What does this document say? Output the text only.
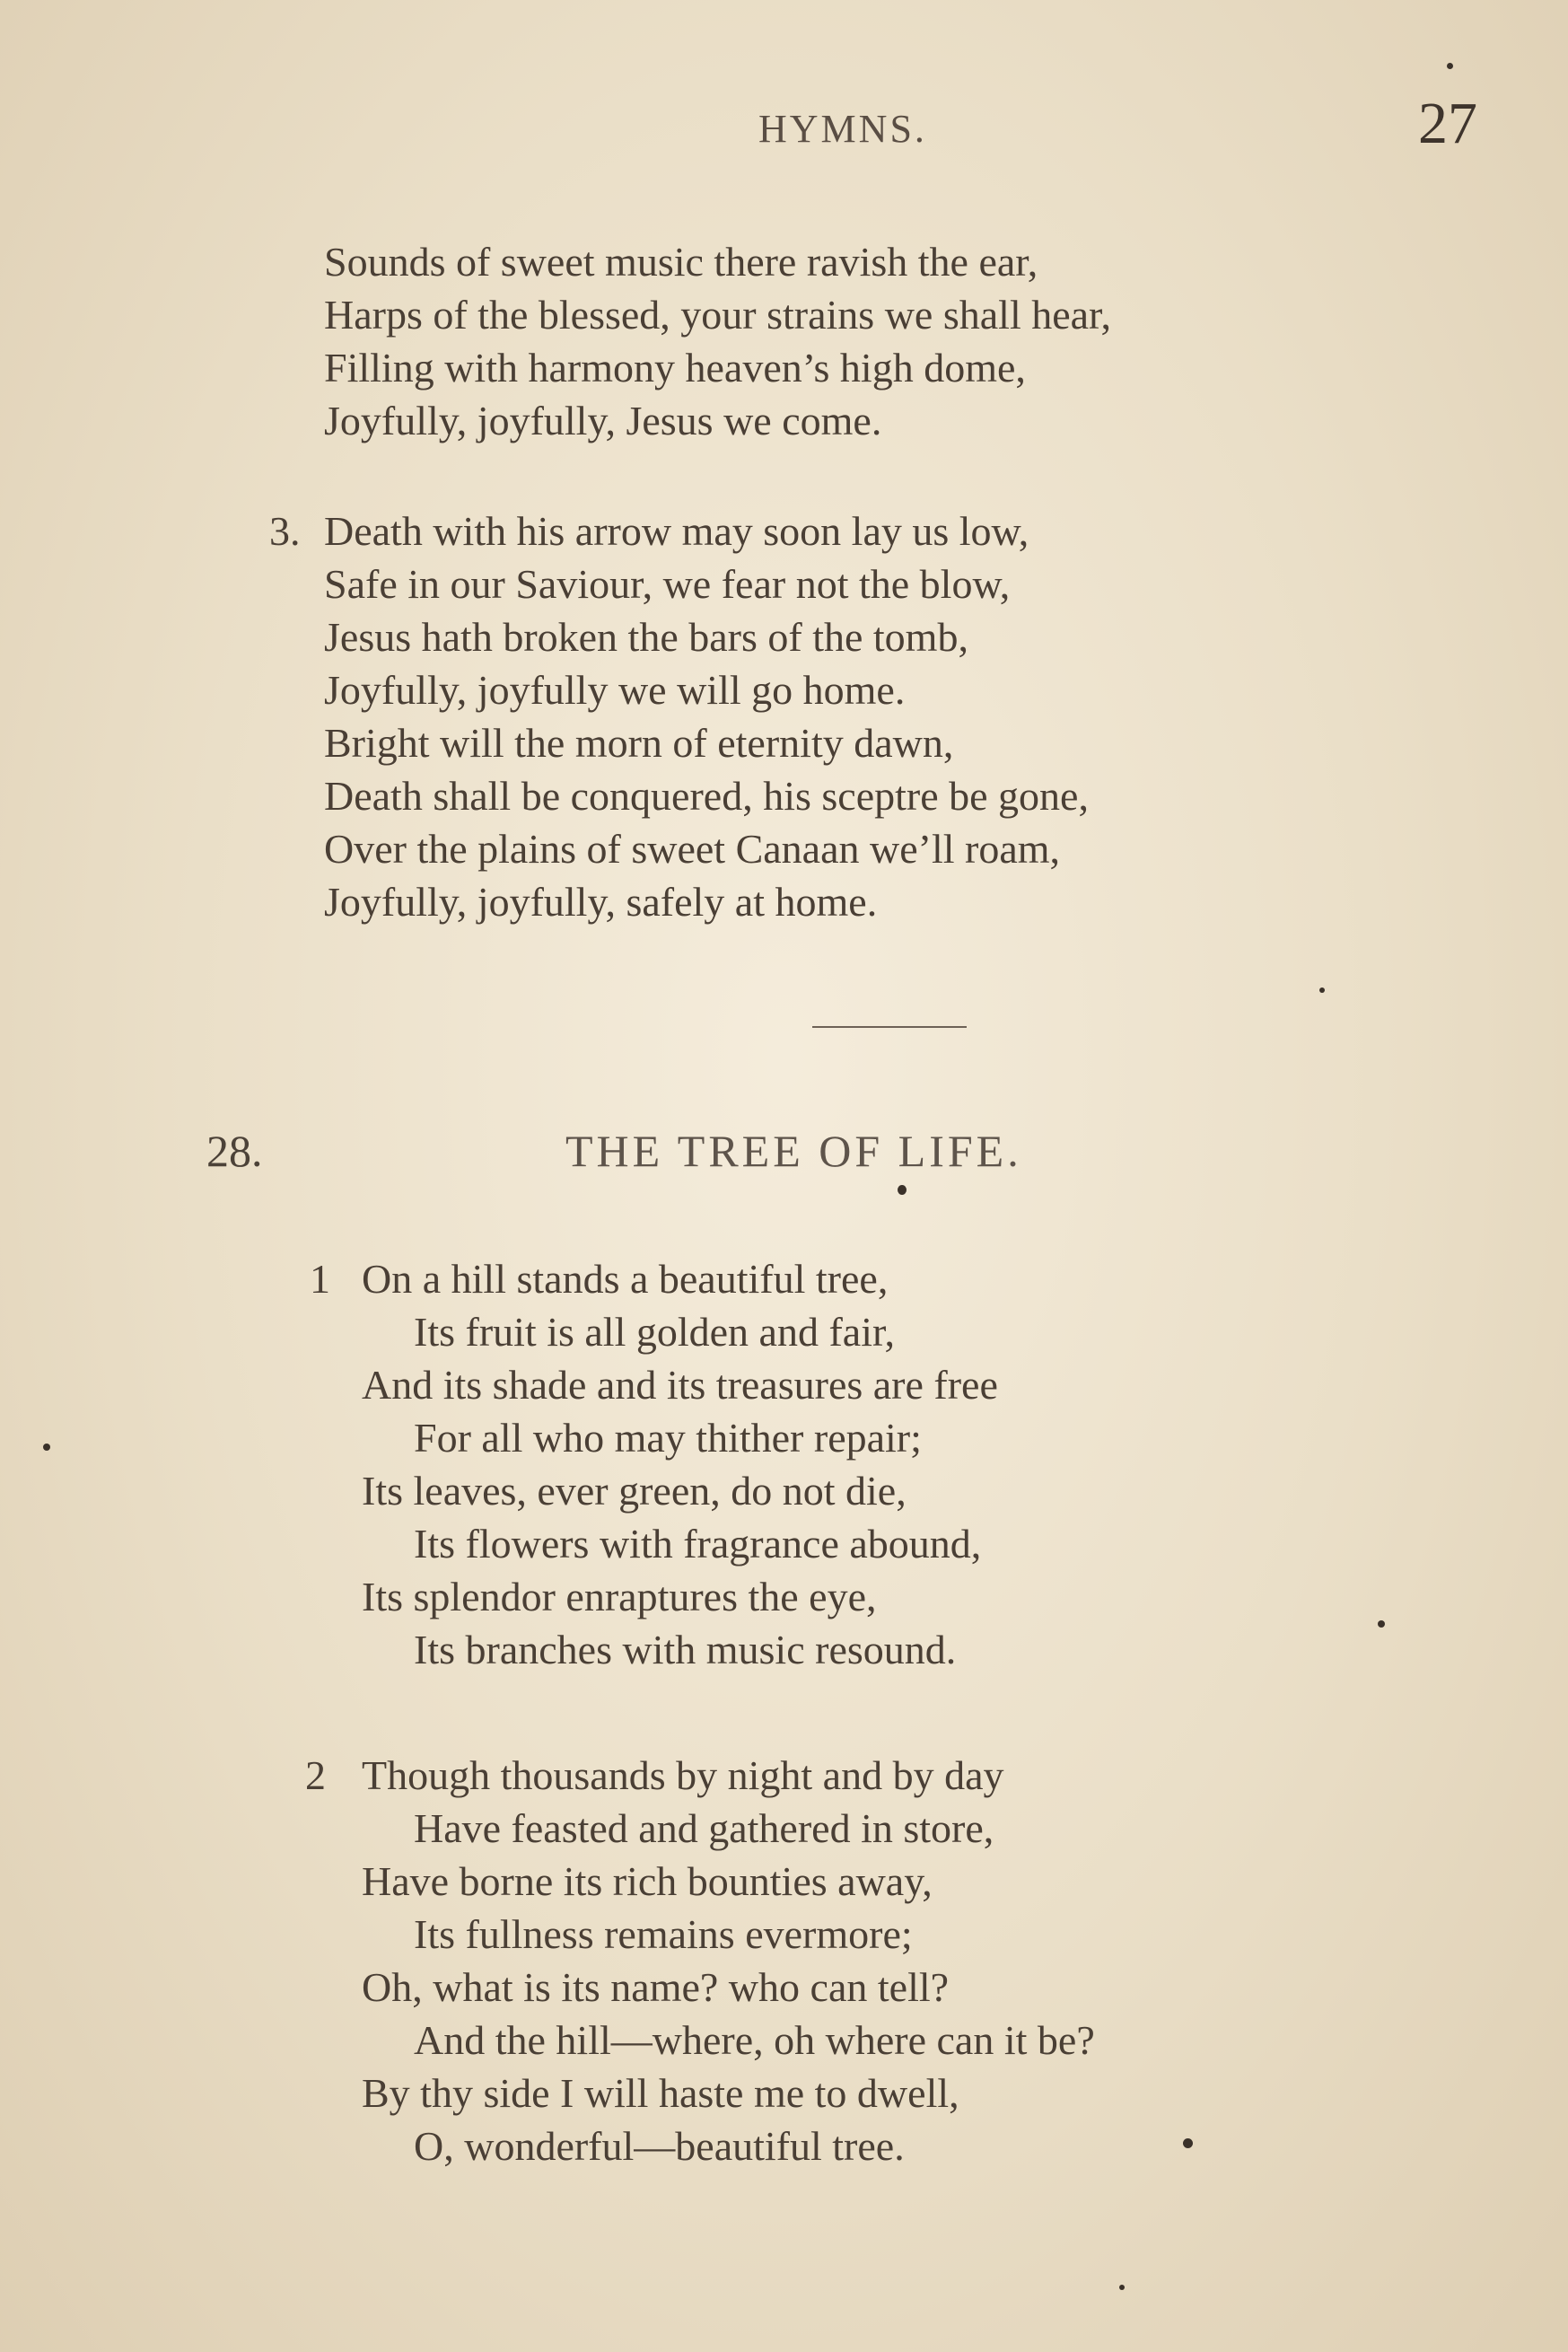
HYMNS.	27
Sounds of sweet music there ravish the ear,
Harps of the blessed, your strains we shall hear,
Filling with harmony heaven’s high dome,
Joyfully, joyfully, Jesus we come.
3. Death with his arrow may soon lay us low,
Safe in our Saviour, we fear not the blow,
Jesus hath broken the bars of the tomb,
Joyfully, joyfully we will go home.
Bright will the morn of eternity dawn,
Death shall be conquered, his sceptre be gone,
Over the plains of sweet Canaan we’ll roam,
Joyfully, joyfully, safely at home.
28.	THE TREE OF LIFE.
1 On a hill stands a beautiful tree,
Its fruit is all golden and fair,
And its shade and its treasures are free
For all who may thither repair;
Its leaves, ever green, do not die,
Its flowers with fragrance abound,
Its splendor enraptures the eye,
Its branches with music resound.
2 Though thousands by night and by day
Have feasted and gathered in store,
Have borne its rich bounties away,
Its fullness remains evermore;
Oh, what is its name? who can tell?
And the hill—where, oh where can it be?
By thy side I will haste me to dwell,
O, wonderful—beautiful tree.
